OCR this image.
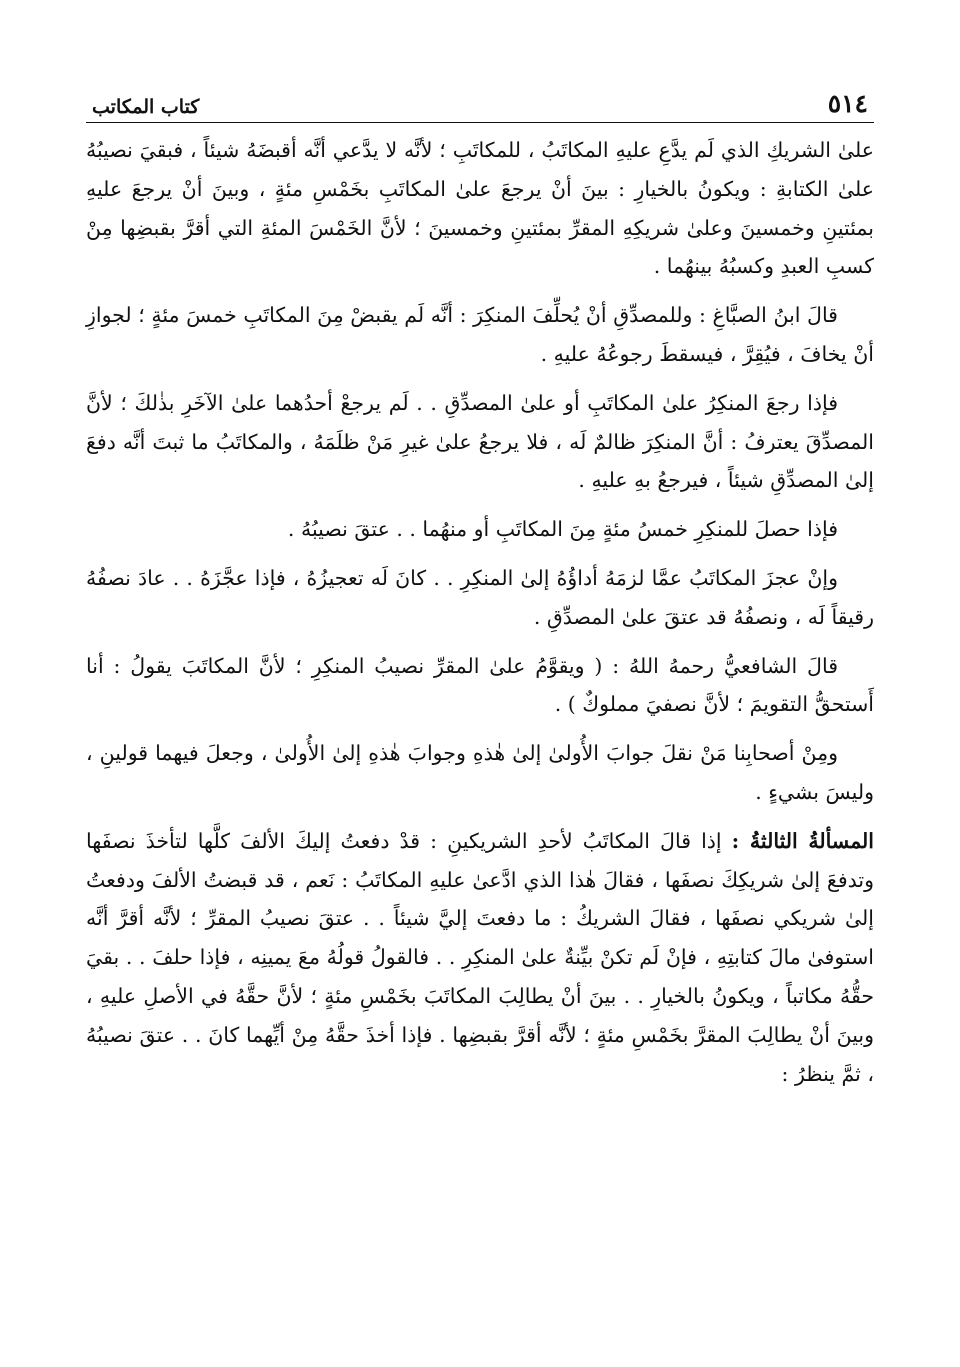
٥١٤
كتاب المكاتب

علىٰ الشريكِ الذي لَم يدَّعِ عليهِ المكاتَبُ ، للمكاتَبِ ؛ لأنَّه لا يدَّعي أنَّه أقبضَهُ شيئاً ، فبقيَ نصيبُهُ علىٰ الكتابةِ : ويكونُ بالخيارِ : بينَ أنْ يرجعَ علىٰ المكاتَبِ بخَمْسِ مئةٍ ، وبينَ أنْ يرجعَ عليهِ بمئتينِ وخمسينَ وعلىٰ شريكِهِ المقرِّ بمئتينِ وخمسينَ ؛ لأنَّ الخَمْسَ المئةِ التي أقرَّ بقبضِها مِنْ كسبِ العبدِ وكسبُهُ بينهُما .

قالَ ابنُ الصبَّاغِ : وللمصدِّقِ أنْ يُحلِّفَ المنكِرَ : أنَّه لَم يقبضْ مِنَ المكاتَبِ خمسَ مئةٍ ؛ لجوازِ أنْ يخافَ ، فيُقِرَّ ، فيسقطَ رجوعُهُ عليهِ .

فإذا رجعَ المنكِرُ علىٰ المكاتَبِ أو علىٰ المصدِّقِ . . لَم يرجعْ أحدُهما علىٰ الآخَرِ بذٰلكَ ؛ لأنَّ المصدِّقَ يعترفُ : أنَّ المنكِرَ ظالمٌ لَه ، فلا يرجعُ علىٰ غيرِ مَنْ ظلَمَهُ ، والمكاتَبُ ما ثبتَ أنَّه دفعَ إلىٰ المصدِّقِ شيئاً ، فيرجعُ بهِ عليهِ .

فإذا حصلَ للمنكِرِ خمسُ مئةٍ مِنَ المكاتَبِ أو منهُما . . عتقَ نصيبُهُ .

وإنْ عجزَ المكاتَبُ عمَّا لزمَهُ أداؤُهُ إلىٰ المنكِرِ . . كانَ لَه تعجيزُهُ ، فإذا عجَّزَهُ . . عادَ نصفُهُ رقيقاً لَه ، ونصفُهُ قد عتقَ علىٰ المصدِّقِ .

قالَ الشافعيُّ رحمهُ اللهُ : ( ويقوَّمُ علىٰ المقرِّ نصيبُ المنكِرِ ؛ لأنَّ المكاتَبَ يقولُ : أنا أَستحقُّ التقويمَ ؛ لأنَّ نصفيَ مملوكٌ ) .

ومِنْ أصحابِنا مَنْ نقلَ جوابَ الأُولىٰ إلىٰ هٰذهِ وجوابَ هٰذهِ إلىٰ الأُولىٰ ، وجعلَ فيهما قولينِ ، وليسَ بشيءٍ .

المسألةُ الثالثةُ : إذا قالَ المكاتَبُ لأحدِ الشريكينِ : قدْ دفعتُ إليكَ الألفَ كلَّها لتأخذَ نصفَها وتدفعَ إلىٰ شريكِكَ نصفَها ، فقالَ هٰذا الذي ادَّعىٰ عليهِ المكاتَبُ : نَعم ، قد قبضتُ الألفَ ودفعتُ إلىٰ شريكي نصفَها ، فقالَ الشريكُ : ما دفعتَ إليَّ شيئاً . . عتقَ نصيبُ المقرِّ ؛ لأنَّه أقرَّ أنَّه استوفىٰ مالَ كتابتِهِ ، فإنْ لَم تكنْ بيِّنةٌ علىٰ المنكِرِ . . فالقولُ قولُهُ معَ يمينِه ، فإذا حلفَ . . بقيَ حقُّهُ مكاتباً ، ويكونُ بالخيارِ . . بينَ أنْ يطالِبَ المكاتَبَ بخَمْسِ مئةٍ ؛ لأنَّ حقَّهُ في الأصلِ عليهِ ، وبينَ أنْ يطالِبَ المقرَّ بخَمْسِ مئةٍ ؛ لأنَّه أقرَّ بقبضِها . فإذا أخذَ حقَّهُ مِنْ أيِّهما كانَ . . عتقَ نصيبُهُ ، ثمَّ ينظرُ :
